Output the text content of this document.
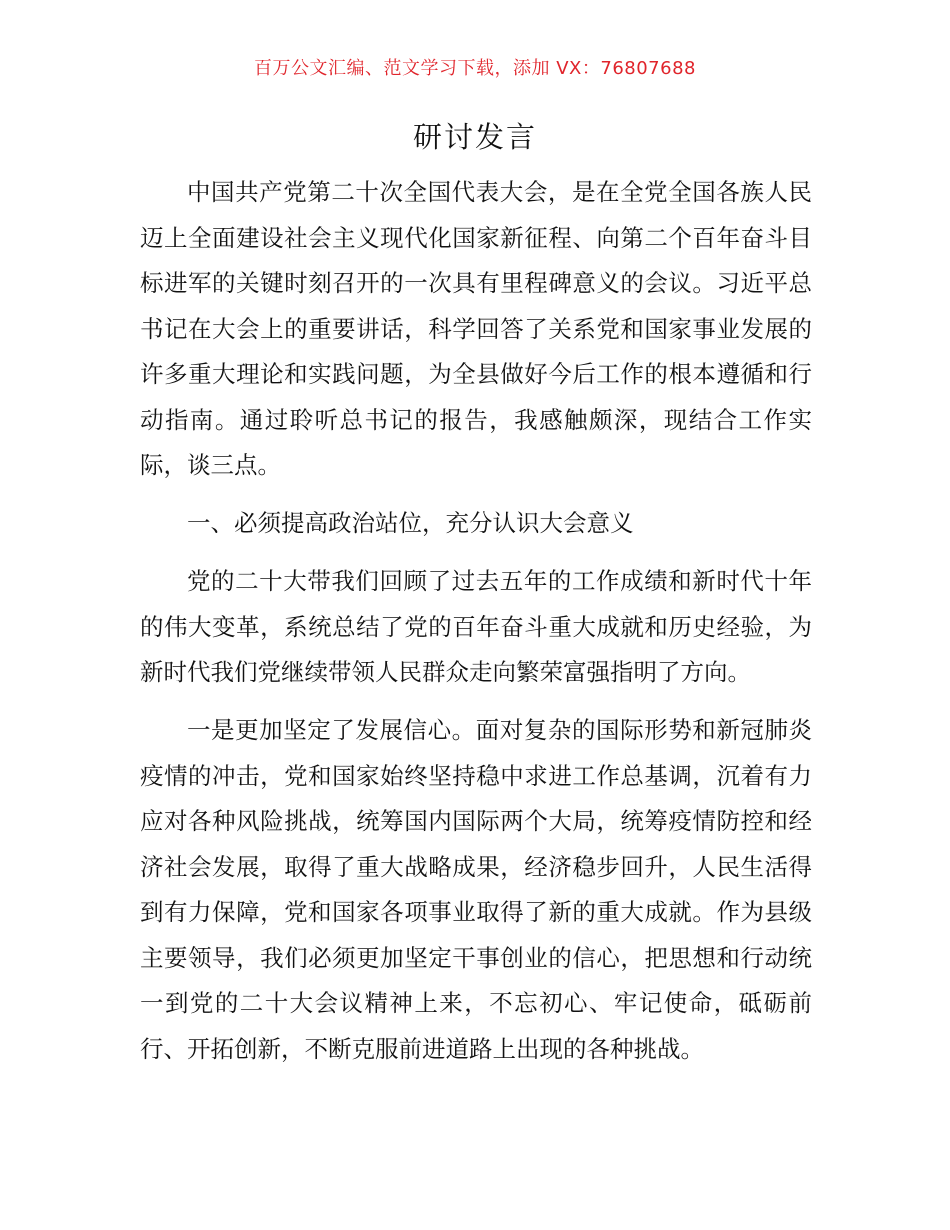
百万公文汇编、范文学习下载，添加 VX：76807688
研讨发言

中国共产党第二十次全国代表大会，是在全党全国各族人民迈上全面建设社会主义现代化国家新征程、向第二个百年奋斗目标进军的关键时刻召开的一次具有里程碑意义的会议。习近平总书记在大会上的重要讲话，科学回答了关系党和国家事业发展的许多重大理论和实践问题，为全县做好今后工作的根本遵循和行动指南。通过聆听总书记的报告，我感触颇深，现结合工作实际，谈三点。

一、必须提高政治站位，充分认识大会意义

党的二十大带我们回顾了过去五年的工作成绩和新时代十年的伟大变革，系统总结了党的百年奋斗重大成就和历史经验，为新时代我们党继续带领人民群众走向繁荣富强指明了方向。

一是更加坚定了发展信心。面对复杂的国际形势和新冠肺炎疫情的冲击，党和国家始终坚持稳中求进工作总基调，沉着有力应对各种风险挑战，统筹国内国际两个大局，统筹疫情防控和经济社会发展，取得了重大战略成果，经济稳步回升，人民生活得到有力保障，党和国家各项事业取得了新的重大成就。作为县级主要领导，我们必须更加坚定干事创业的信心，把思想和行动统一到党的二十大会议精神上来，不忘初心、牢记使命，砥砺前行、开拓创新，不断克服前进道路上出现的各种挑战。
